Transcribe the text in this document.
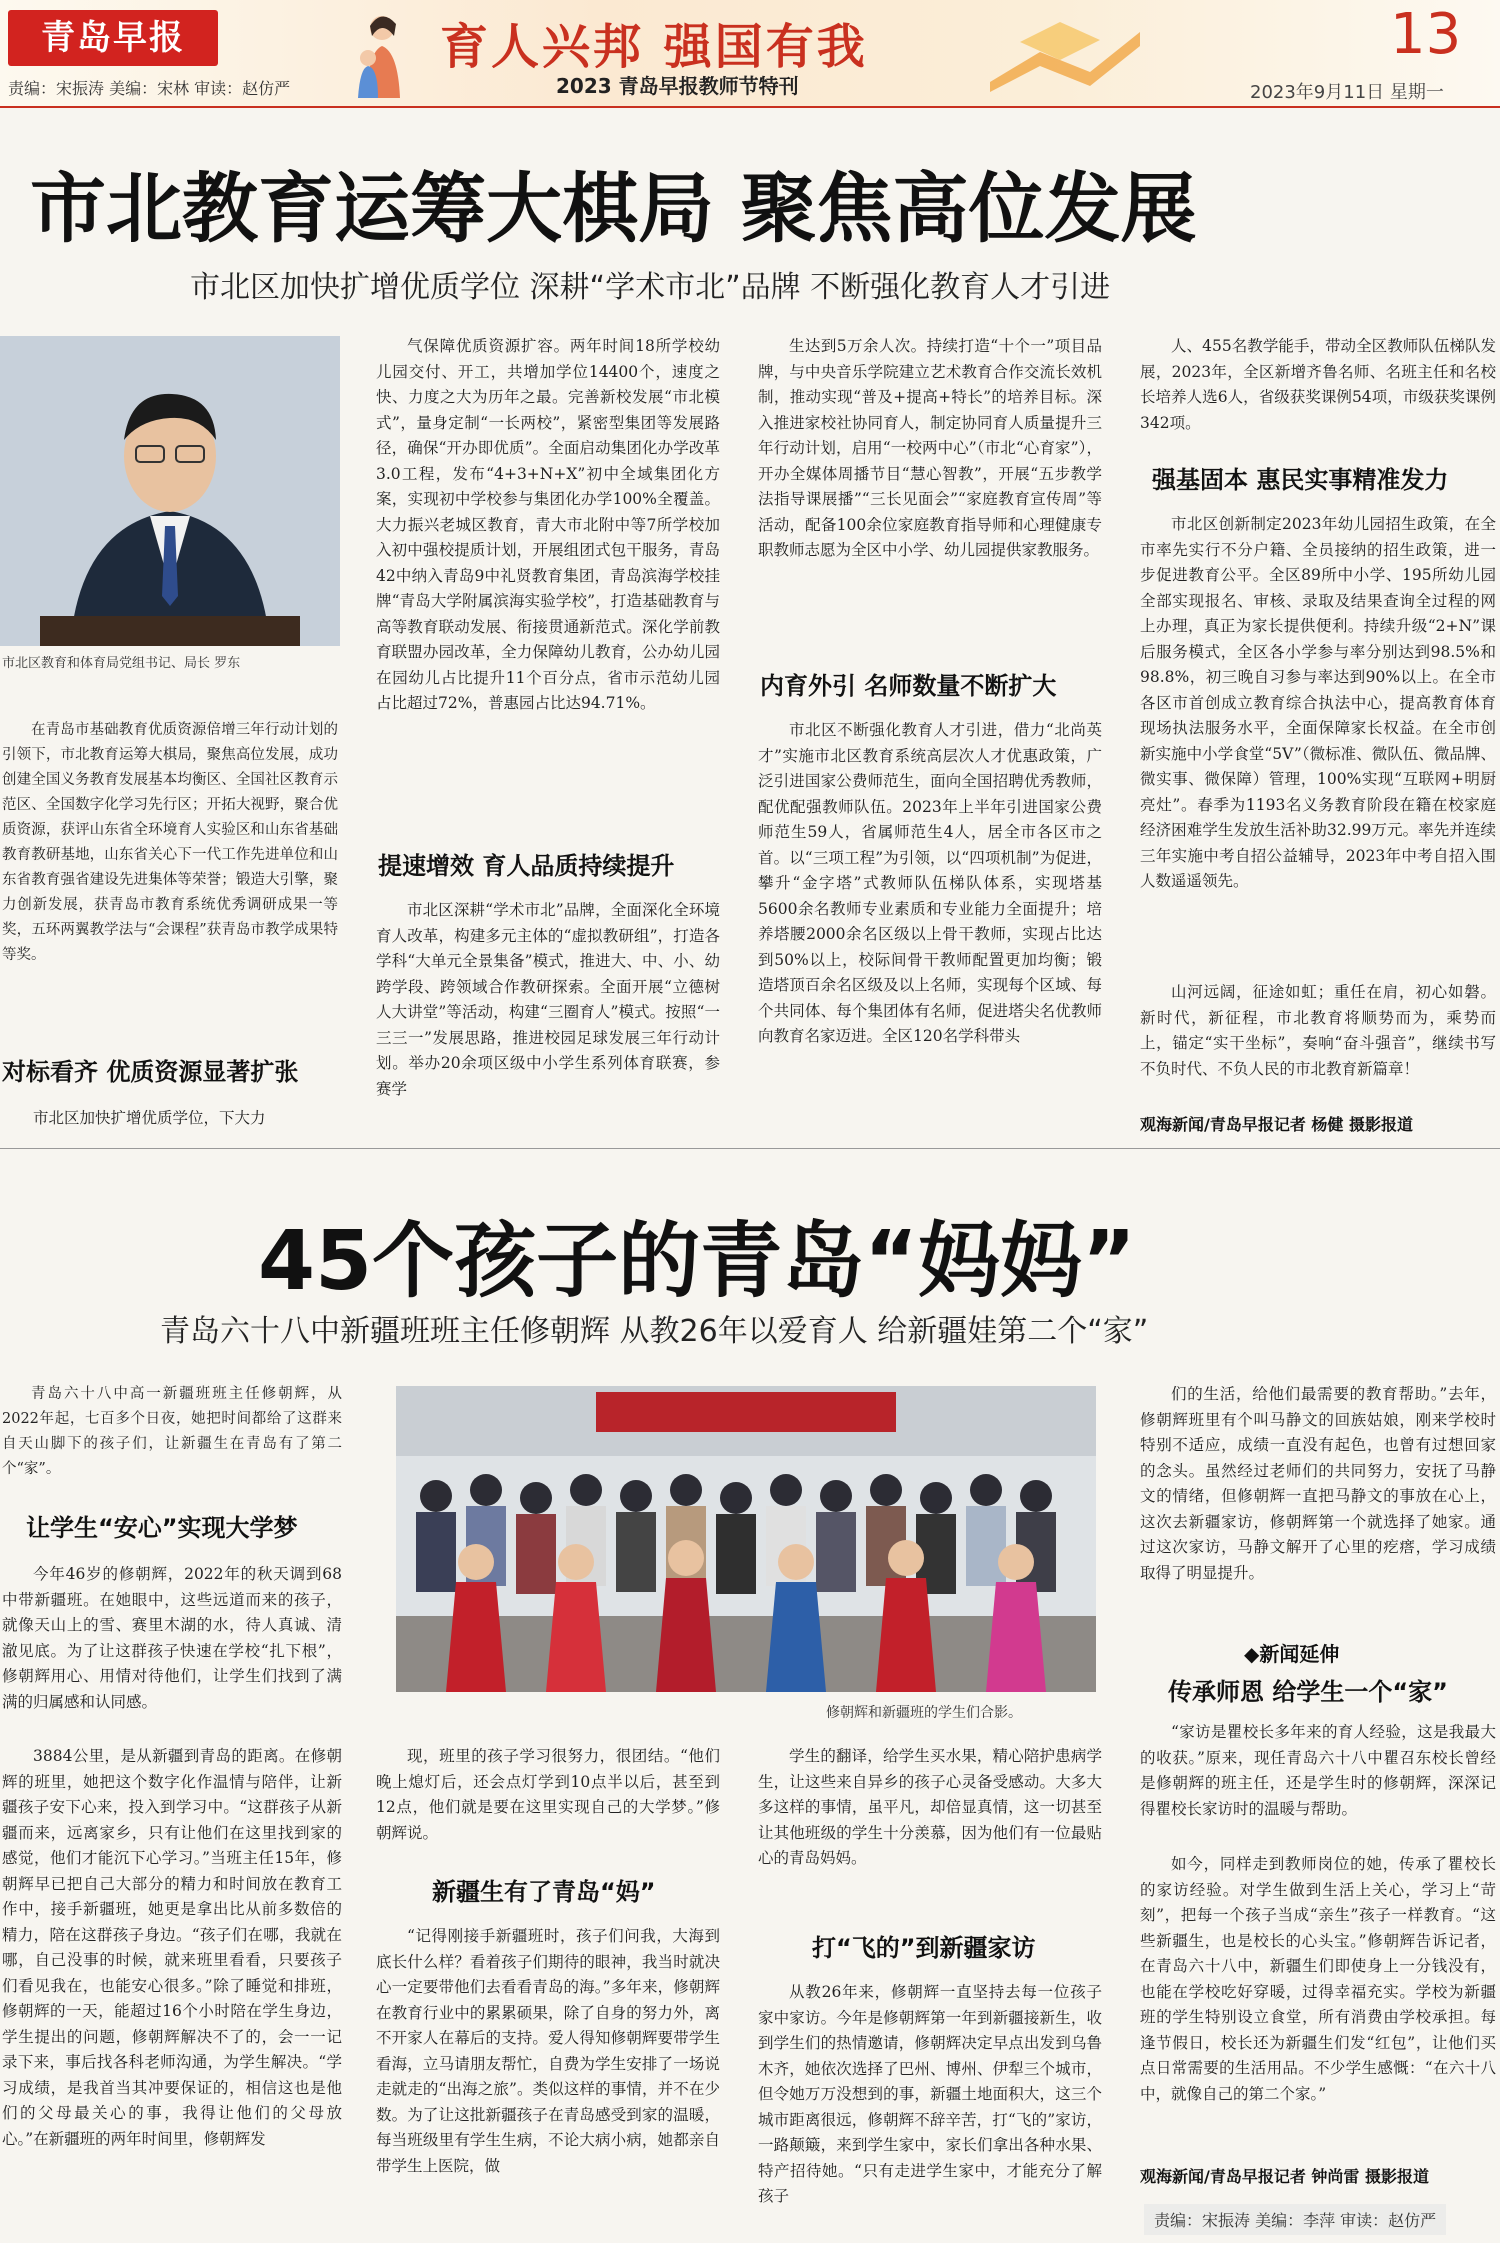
青岛早报
责编：宋振涛 美编：宋林 审读：赵仿严
育人兴邦 强国有我
2023 青岛早报教师节特刊
13
2023年9月11日 星期一
市北教育运筹大棋局 聚焦高位发展
市北区加快扩增优质学位 深耕“学术市北”品牌 不断强化教育人才引进
市北区教育和体育局党组书记、局长 罗东
在青岛市基础教育优质资源倍增三年行动计划的引领下，市北教育运筹大棋局，聚焦高位发展，成功创建全国义务教育发展基本均衡区、全国社区教育示范区、全国数字化学习先行区；开拓大视野，聚合优质资源，获评山东省全环境育人实验区和山东省基础教育教研基地，山东省关心下一代工作先进单位和山东省教育强省建设先进集体等荣誉；锻造大引擎，聚力创新发展，获青岛市教育系统优秀调研成果一等奖，五环两翼教学法与“会课程”获青岛市教学成果特等奖。
对标看齐 优质资源显著扩张
市北区加快扩增优质学位，下大力
气保障优质资源扩容。两年时间18所学校幼儿园交付、开工，共增加学位14400个，速度之快、力度之大为历年之最。完善新校发展“市北模式”，量身定制“一长两校”，紧密型集团等发展路径，确保“开办即优质”。全面启动集团化办学改革3.0工程，发布“4+3+N+X”初中全域集团化方案，实现初中学校参与集团化办学100%全覆盖。大力振兴老城区教育，青大市北附中等7所学校加入初中强校提质计划，开展组团式包干服务，青岛42中纳入青岛9中礼贤教育集团，青岛滨海学校挂牌“青岛大学附属滨海实验学校”，打造基础教育与高等教育联动发展、衔接贯通新范式。深化学前教育联盟办园改革，全力保障幼儿教育，公办幼儿园在园幼儿占比提升11个百分点，省市示范幼儿园占比超过72%，普惠园占比达94.71%。
提速增效 育人品质持续提升
市北区深耕“学术市北”品牌，全面深化全环境育人改革，构建多元主体的“虚拟教研组”，打造各学科“大单元全景集备”模式，推进大、中、小、幼跨学段、跨领域合作教研探索。全面开展“立德树人大讲堂”等活动，构建“三圈育人”模式。按照“一三三一”发展思路，推进校园足球发展三年行动计划。举办20余项区级中小学生系列体育联赛，参赛学
生达到5万余人次。持续打造“十个一”项目品牌，与中央音乐学院建立艺术教育合作交流长效机制，推动实现“普及+提高+特长”的培养目标。深入推进家校社协同育人，制定协同育人质量提升三年行动计划，启用“一校两中心”（市北“心育家”），开办全媒体周播节目“慧心智教”，开展“五步教学法指导课展播”“三长见面会”“家庭教育宣传周”等活动，配备100余位家庭教育指导师和心理健康专职教师志愿为全区中小学、幼儿园提供家教服务。
内育外引 名师数量不断扩大
市北区不断强化教育人才引进，借力“北尚英才”实施市北区教育系统高层次人才优惠政策，广泛引进国家公费师范生，面向全国招聘优秀教师，配优配强教师队伍。2023年上半年引进国家公费师范生59人，省属师范生4人，居全市各区市之首。以“三项工程”为引领，以“四项机制”为促进，攀升“金字塔”式教师队伍梯队体系，实现塔基5600余名教师专业素质和专业能力全面提升；培养塔腰2000余名区级以上骨干教师，实现占比达到50%以上，校际间骨干教师配置更加均衡；锻造塔顶百余名区级及以上名师，实现每个区域、每个共同体、每个集团体有名师，促进塔尖名优教师向教育名家迈进。全区120名学科带头
人、455名教学能手，带动全区教师队伍梯队发展，2023年，全区新增齐鲁名师、名班主任和名校长培养人选6人，省级获奖课例54项，市级获奖课例342项。
强基固本 惠民实事精准发力
市北区创新制定2023年幼儿园招生政策，在全市率先实行不分户籍、全员接纳的招生政策，进一步促进教育公平。全区89所中小学、195所幼儿园全部实现报名、审核、录取及结果查询全过程的网上办理，真正为家长提供便利。持续升级“2+N”课后服务模式，全区各小学参与率分别达到98.5%和98.8%，初三晚自习参与率达到90%以上。在全市各区市首创成立教育综合执法中心，提高教育体育现场执法服务水平，全面保障家长权益。在全市创新实施中小学食堂“5V”（微标准、微队伍、微品牌、微实事、微保障）管理，100%实现“互联网+明厨亮灶”。春季为1193名义务教育阶段在籍在校家庭经济困难学生发放生活补助32.99万元。率先并连续三年实施中考自招公益辅导，2023年中考自招入围人数遥遥领先。
山河远阔，征途如虹；重任在肩，初心如磐。新时代，新征程，市北教育将顺势而为，乘势而上，锚定“实干坐标”，奏响“奋斗强音”，继续书写不负时代、不负人民的市北教育新篇章！
观海新闻/青岛早报记者 杨健 摄影报道
45个孩子的青岛“妈妈”
青岛六十八中新疆班班主任修朝辉 从教26年以爱育人 给新疆娃第二个“家”
青岛六十八中高一新疆班班主任修朝辉，从2022年起，七百多个日夜，她把时间都给了这群来自天山脚下的孩子们，让新疆生在青岛有了第二个“家”。
让学生“安心”实现大学梦
今年46岁的修朝辉，2022年的秋天调到68中带新疆班。在她眼中，这些远道而来的孩子，就像天山上的雪、赛里木湖的水，待人真诚、清澈见底。为了让这群孩子快速在学校“扎下根”，修朝辉用心、用情对待他们，让学生们找到了满满的归属感和认同感。
3884公里，是从新疆到青岛的距离。在修朝辉的班里，她把这个数字化作温情与陪伴，让新疆孩子安下心来，投入到学习中。“这群孩子从新疆而来，远离家乡，只有让他们在这里找到家的感觉，他们才能沉下心学习。”当班主任15年，修朝辉早已把自己大部分的精力和时间放在教育工作中，接手新疆班，她更是拿出比从前多数倍的精力，陪在这群孩子身边。“孩子们在哪，我就在哪，自己没事的时候，就来班里看看，只要孩子们看见我在，也能安心很多。”除了睡觉和排班，修朝辉的一天，能超过16个小时陪在学生身边，学生提出的问题，修朝辉解决不了的，会一一记录下来，事后找各科老师沟通，为学生解决。“学习成绩，是我首当其冲要保证的，相信这也是他们的父母最关心的事，我得让他们的父母放心。”在新疆班的两年时间里，修朝辉发
修朝辉和新疆班的学生们合影。
现，班里的孩子学习很努力，很团结。“他们晚上熄灯后，还会点灯学到10点半以后，甚至到12点，他们就是要在这里实现自己的大学梦。”修朝辉说。
新疆生有了青岛“妈”
“记得刚接手新疆班时，孩子们问我，大海到底长什么样？看着孩子们期待的眼神，我当时就决心一定要带他们去看看青岛的海。”多年来，修朝辉在教育行业中的累累硕果，除了自身的努力外，离不开家人在幕后的支持。爱人得知修朝辉要带学生看海，立马请朋友帮忙，自费为学生安排了一场说走就走的“出海之旅”。类似这样的事情，并不在少数。为了让这批新疆孩子在青岛感受到家的温暖，每当班级里有学生生病，不论大病小病，她都亲自带学生上医院，做
学生的翻译，给学生买水果，精心陪护患病学生，让这些来自异乡的孩子心灵备受感动。大多大多这样的事情，虽平凡，却倍显真情，这一切甚至让其他班级的学生十分羡慕，因为他们有一位最贴心的青岛妈妈。
打“飞的”到新疆家访
从教26年来，修朝辉一直坚持去每一位孩子家中家访。今年是修朝辉第一年到新疆接新生，收到学生们的热情邀请，修朝辉决定早点出发到乌鲁木齐，她依次选择了巴州、博州、伊犁三个城市，但令她万万没想到的事，新疆土地面积大，这三个城市距离很远，修朝辉不辞辛苦，打“飞的”家访，一路颠簸，来到学生家中，家长们拿出各种水果、特产招待她。“只有走进学生家中，才能充分了解孩子
们的生活，给他们最需要的教育帮助。”去年，修朝辉班里有个叫马静文的回族姑娘，刚来学校时特别不适应，成绩一直没有起色，也曾有过想回家的念头。虽然经过老师们的共同努力，安抚了马静文的情绪，但修朝辉一直把马静文的事放在心上，这次去新疆家访，修朝辉第一个就选择了她家。通过这次家访，马静文解开了心里的疙瘩，学习成绩取得了明显提升。
◆新闻延伸
传承师恩 给学生一个“家”
“家访是瞿校长多年来的育人经验，这是我最大的收获。”原来，现任青岛六十八中瞿召东校长曾经是修朝辉的班主任，还是学生时的修朝辉，深深记得瞿校长家访时的温暖与帮助。
如今，同样走到教师岗位的她，传承了瞿校长的家访经验。对学生做到生活上关心，学习上“苛刻”，把每一个孩子当成“亲生”孩子一样教育。“这些新疆生，也是校长的心头宝。”修朝辉告诉记者，在青岛六十八中，新疆生们即使身上一分钱没有，也能在学校吃好穿暖，过得幸福充实。学校为新疆班的学生特别设立食堂，所有消费由学校承担。每逢节假日，校长还为新疆生们发“红包”，让他们买点日常需要的生活用品。不少学生感慨：“在六十八中，就像自己的第二个家。”
观海新闻/青岛早报记者 钟尚雷 摄影报道
责编：宋振涛 美编：李萍 审读：赵仿严
